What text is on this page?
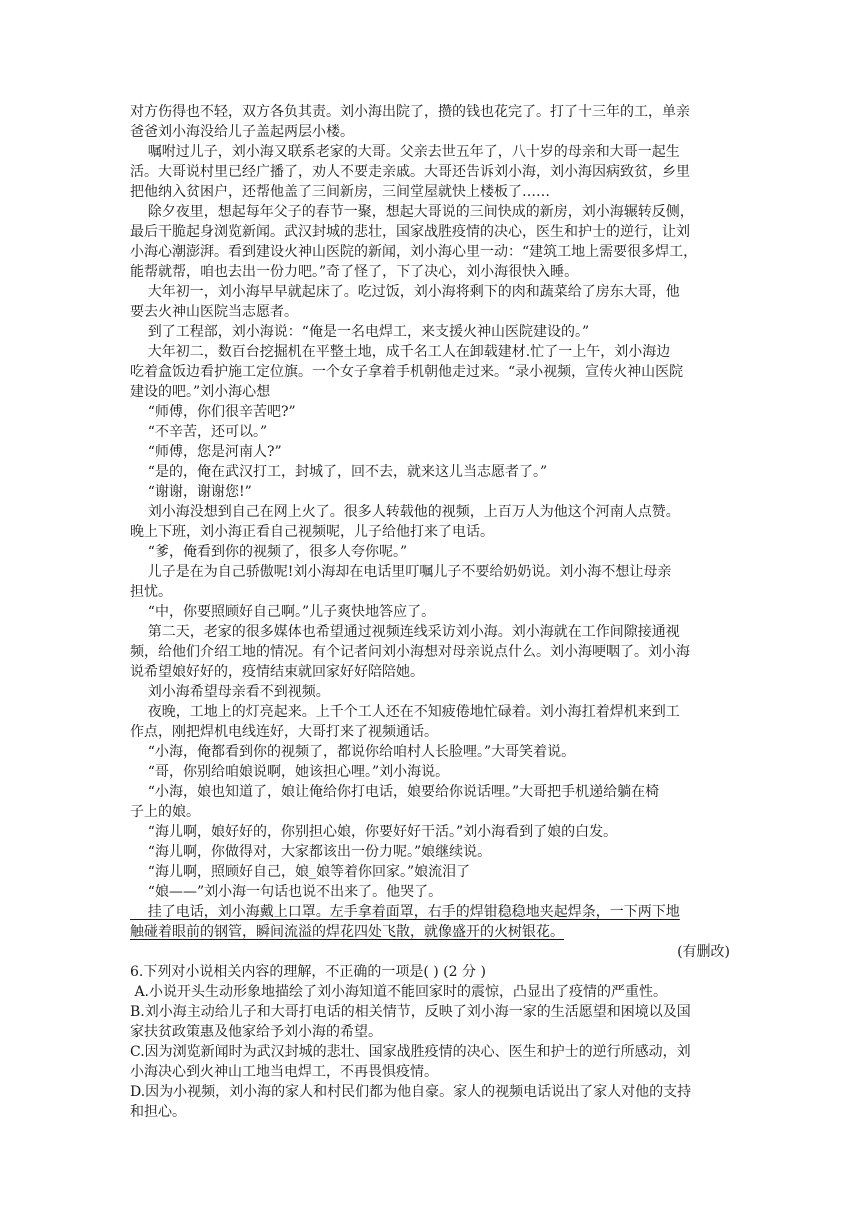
对方伤得也不轻，双方各负其责。刘小海出院了，攒的钱也花完了。打了十三年的工，单亲
爸爸刘小海没给儿子盖起两层小楼。
嘱咐过儿子，刘小海又联系老家的大哥。父亲去世五年了，八十岁的母亲和大哥一起生
活。大哥说村里已经广播了，劝人不要走亲戚。大哥还告诉刘小海，刘小海因病致贫，乡里
把他纳入贫困户，还帮他盖了三间新房，三间堂屋就快上楼板了……
除夕夜里，想起每年父子的春节一聚，想起大哥说的三间快成的新房，刘小海辗转反侧，
最后干脆起身浏览新闻。武汉封城的悲壮，国家战胜疫情的决心，医生和护士的逆行，让刘
小海心潮澎湃。看到建设火神山医院的新闻，刘小海心里一动：“建筑工地上需要很多焊工，
能帮就帮，咱也去出一份力吧。”奇了怪了，下了决心，刘小海很快入睡。
大年初一，刘小海早早就起床了。吃过饭，刘小海将剩下的肉和蔬菜给了房东大哥，他
要去火神山医院当志愿者。
到了工程部，刘小海说：“俺是一名电焊工，来支援火神山医院建设的。”
大年初二，数百台挖掘机在平整土地，成千名工人在卸载建材.忙了一上午，刘小海边
吃着盒饭边看护施工定位旗。一个女子拿着手机朝他走过来。“录小视频，宣传火神山医院
建设的吧。”刘小海心想
“师傅，你们很辛苦吧?”
“不辛苦，还可以。”
“师傅，您是河南人?”
“是的，俺在武汉打工，封城了，回不去，就来这儿当志愿者了。”
“谢谢，谢谢您!”
刘小海没想到自己在网上火了。很多人转载他的视频，上百万人为他这个河南人点赞。
晚上下班，刘小海正看自己视频呢，儿子给他打来了电话。
“爹，俺看到你的视频了，很多人夸你呢。”
儿子是在为自己骄傲呢!刘小海却在电话里叮嘱儿子不要给奶奶说。刘小海不想让母亲
担忧。
“中，你要照顾好自己啊。”儿子爽快地答应了。
第二天，老家的很多媒体也希望通过视频连线采访刘小海。刘小海就在工作间隙接通视
频，给他们介绍工地的情况。有个记者问刘小海想对母亲说点什么。刘小海哽咽了。刘小海
说希望娘好好的，疫情结束就回家好好陪陪她。
刘小海希望母亲看不到视频。
夜晚，工地上的灯亮起来。上千个工人还在不知疲倦地忙碌着。刘小海扛着焊机来到工
作点，刚把焊机电线连好，大哥打来了视频通话。
“小海，俺都看到你的视频了，都说你给咱村人长脸哩。”大哥笑着说。
“哥，你别给咱娘说啊，她该担心哩。”刘小海说。
“小海，娘也知道了，娘让俺给你打电话，娘要给你说话哩。”大哥把手机递给躺在椅
子上的娘。
“海儿啊，娘好好的，你别担心娘，你要好好干活。”刘小海看到了娘的白发。
“海儿啊，你做得对，大家都该出一份力呢。”娘继续说。
“海儿啊，照顾好自己，娘_娘等着你回家。”娘流泪了
“娘——”刘小海一句话也说不出来了。他哭了。
挂了电话，刘小海戴上口罩。左手拿着面罩，右手的焊钳稳稳地夹起焊条，一下两下地
触碰着眼前的钢管，瞬间流溢的焊花四处飞散，就像盛开的火树银花。
(有删改)
6.下列对小说相关内容的理解，不正确的一项是( ) (2 分 )
A.小说开头生动形象地描绘了刘小海知道不能回家时的震惊，凸显出了疫情的严重性。
B.刘小海主动给儿子和大哥打电话的相关情节，反映了刘小海一家的生活愿望和困境以及国
家扶贫政策惠及他家给予刘小海的希望。
C.因为浏览新闻时为武汉封城的悲壮、国家战胜疫情的决心、医生和护士的逆行所感动，刘
小海决心到火神山工地当电焊工，不再畏惧疫情。
D.因为小视频，刘小海的家人和村民们都为他自豪。家人的视频电话说出了家人对他的支持
和担心。
